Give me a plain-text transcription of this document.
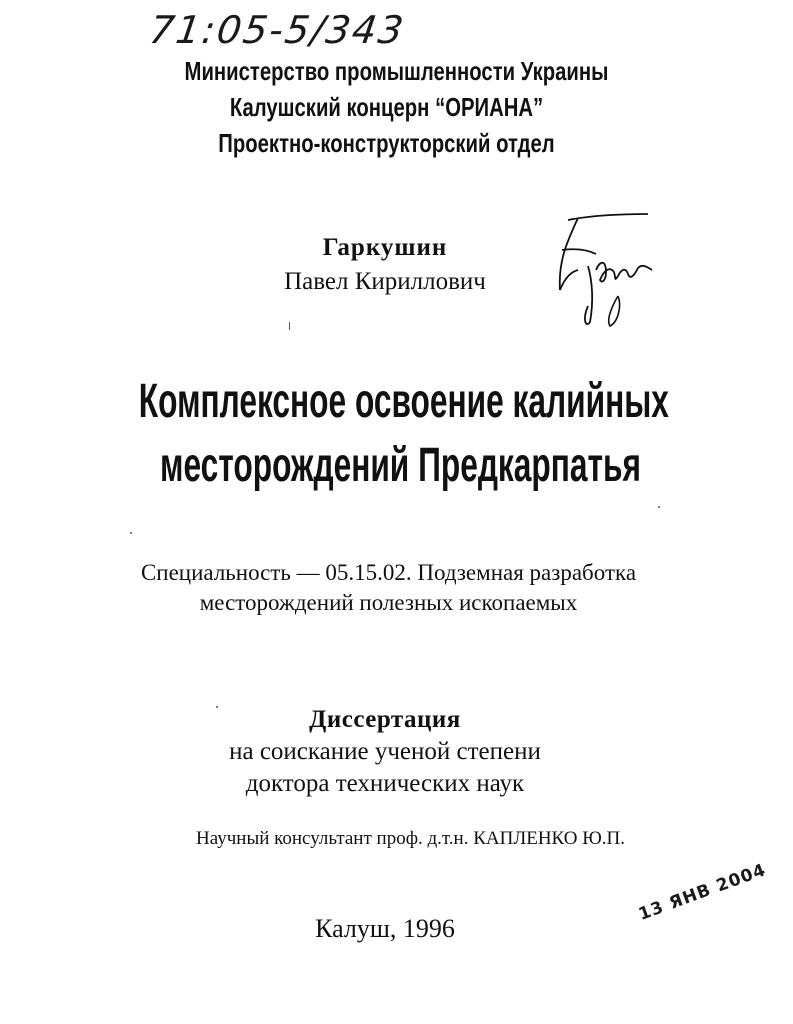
71:05-5/343
Министерство промышленности Украины
Калушский концерн “ОРИАНА”
Проектно-конструкторский отдел
Гаркушин
Павел Кириллович
Комплексное освоение калийных
месторождений Предкарпатья
Специальность — 05.15.02. Подземная разработка
месторождений полезных ископаемых
Диссертация
на соискание ученой степени
доктора технических наук
Научный консультант проф. д.т.н. КАПЛЕНКО Ю.П.
Калуш, 1996
13 ЯНВ 2004
